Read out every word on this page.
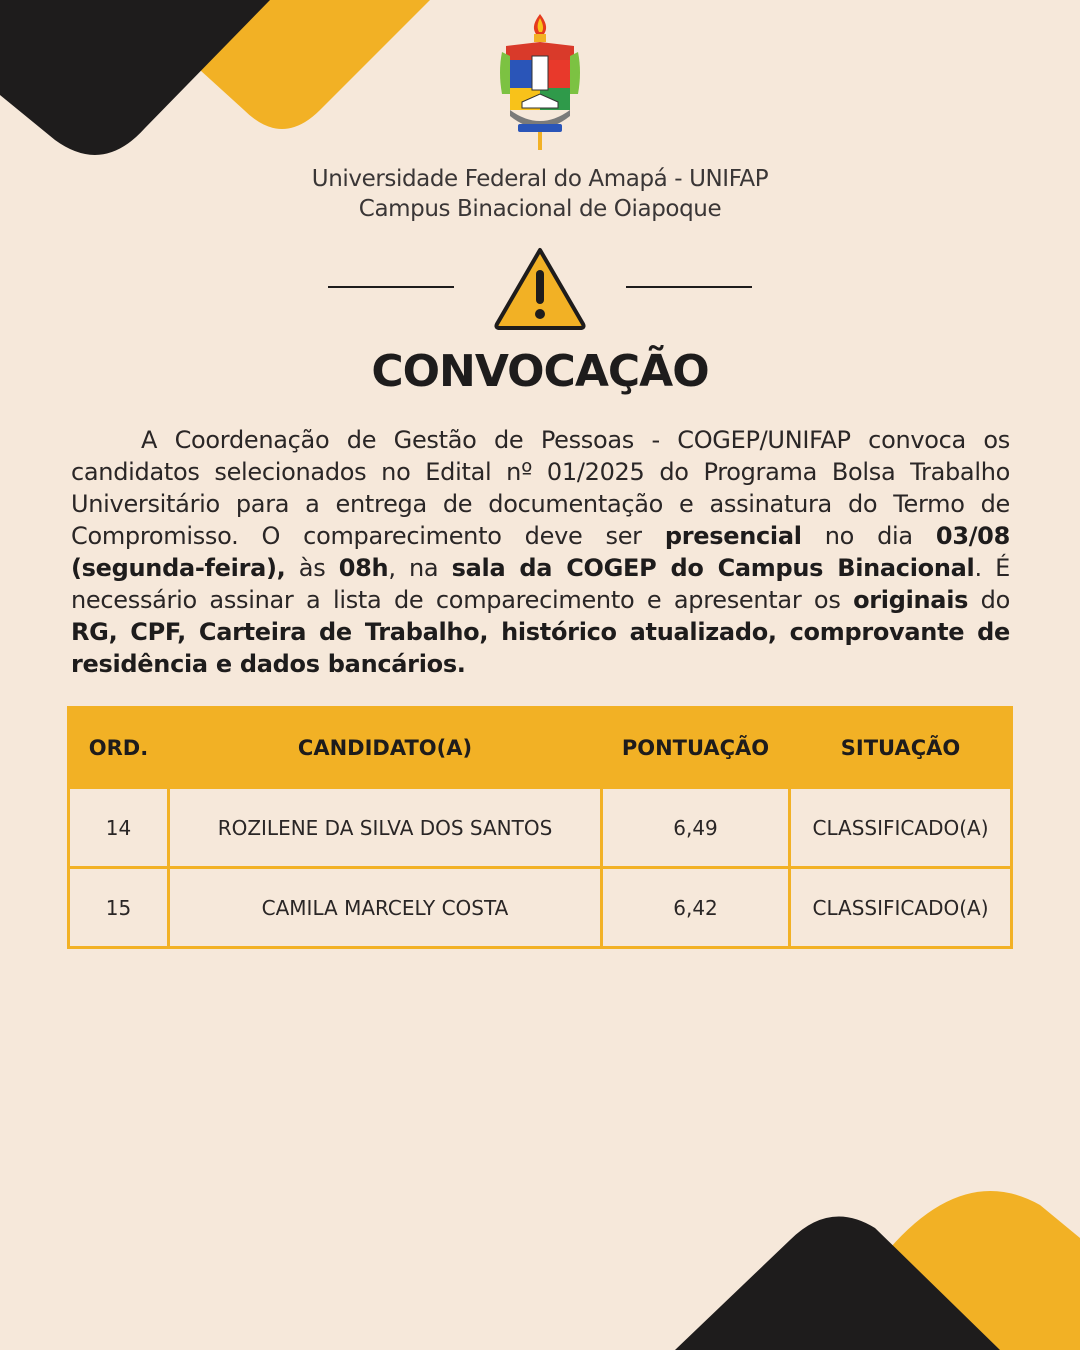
Universidade Federal do Amapá - UNIFAP
Campus Binacional de Oiapoque
CONVOCAÇÃO
A Coordenação de Gestão de Pessoas - COGEP/UNIFAP convoca os candidatos selecionados no Edital nº 01/2025 do Programa Bolsa Trabalho Universitário para a entrega de documentação e assinatura do Termo de Compromisso. O comparecimento deve ser presencial no dia 03/08 (segunda-feira), às 08h, na sala da COGEP do Campus Binacional. É necessário assinar a lista de comparecimento e apresentar os originais do RG, CPF, Carteira de Trabalho, histórico atualizado, comprovante de residência e dados bancários.
ORD.	CANDIDATO(A)	PONTUAÇÃO	SITUAÇÃO
14	ROZILENE DA SILVA DOS SANTOS	6,49	CLASSIFICADO(A)
15	CAMILA MARCELY COSTA	6,42	CLASSIFICADO(A)
